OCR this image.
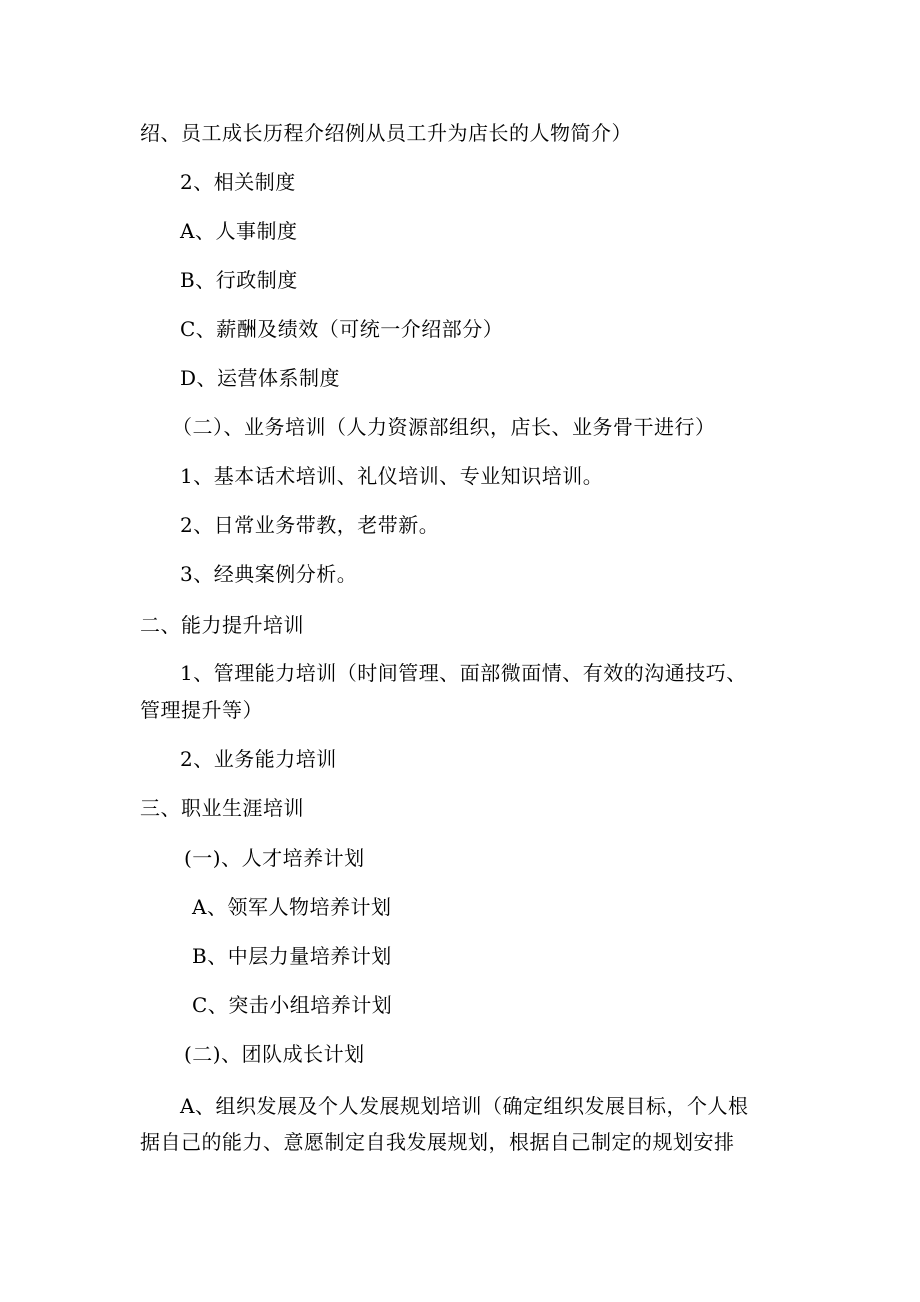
绍、员工成长历程介绍例从员工升为店长的人物简介）
2、相关制度
A、人事制度
B、行政制度
C、薪酬及绩效（可统一介绍部分）
D、运营体系制度
（二）、业务培训（人力资源部组织，店长、业务骨干进行）
1、基本话术培训、礼仪培训、专业知识培训。
2、日常业务带教，老带新。
3、经典案例分析。
二、能力提升培训
1、管理能力培训（时间管理、面部微面情、有效的沟通技巧、
管理提升等）
2、业务能力培训
三、职业生涯培训
(一)、人才培养计划
A、领军人物培养计划
B、中层力量培养计划
C、突击小组培养计划
(二)、团队成长计划
A、组织发展及个人发展规划培训（确定组织发展目标，个人根
据自己的能力、意愿制定自我发展规划，根据自己制定的规划安排
